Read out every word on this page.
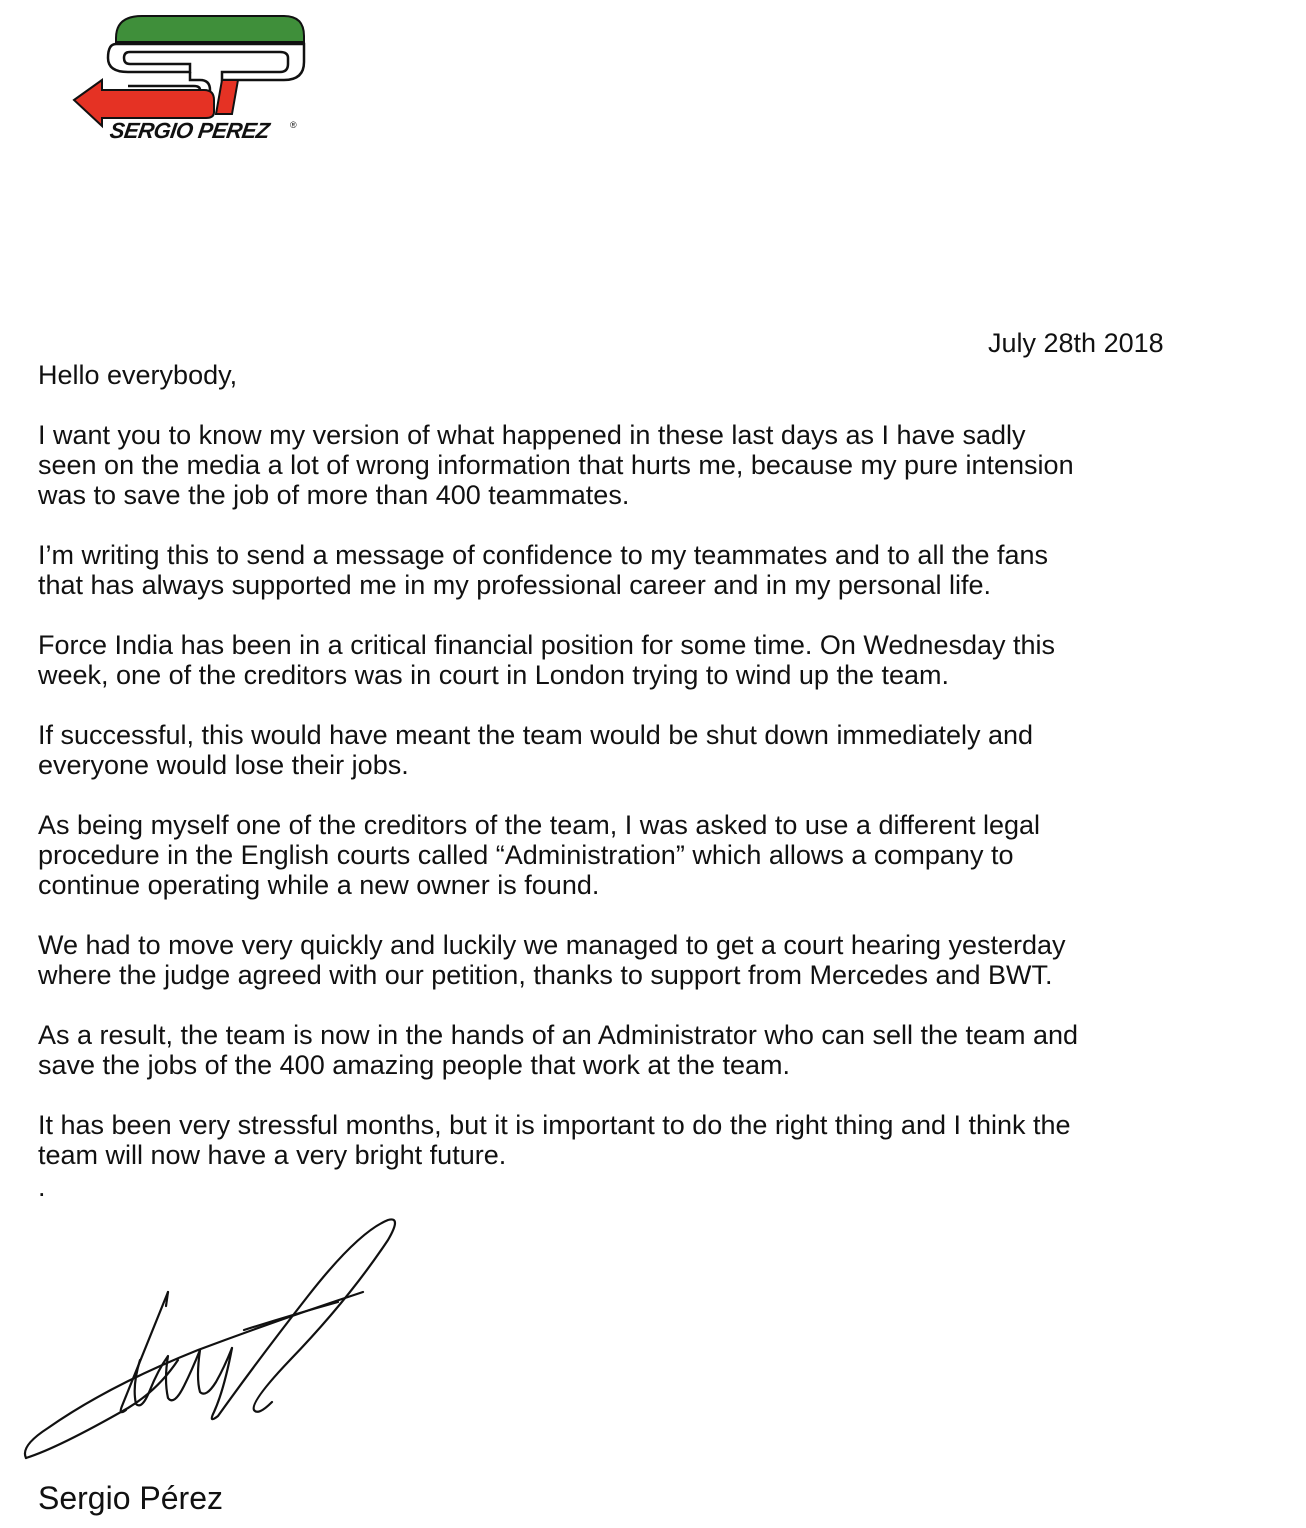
SERGIO PEREZ ®
July 28th 2018
Hello everybody,
I want you to know my version of what happened in these last days as I have sadly
seen on the media a lot of wrong information that hurts me, because my pure intension
was to save the job of more than 400 teammates.
I’m writing this to send a message of confidence to my teammates and to all the fans
that has always supported me in my professional career and in my personal life.
Force India has been in a critical financial position for some time. On Wednesday this
week, one of the creditors was in court in London trying to wind up the team.
If successful, this would have meant the team would be shut down immediately and
everyone would lose their jobs.
As being myself one of the creditors of the team, I was asked to use a different legal
procedure in the English courts called “Administration” which allows a company to
continue operating while a new owner is found.
We had to move very quickly and luckily we managed to get a court hearing yesterday
where the judge agreed with our petition, thanks to support from Mercedes and BWT.
As a result, the team is now in the hands of an Administrator who can sell the team and
save the jobs of the 400 amazing people that work at the team.
It has been very stressful months, but it is important to do the right thing and I think the
team will now have a very bright future.
.
Sergio Pérez
